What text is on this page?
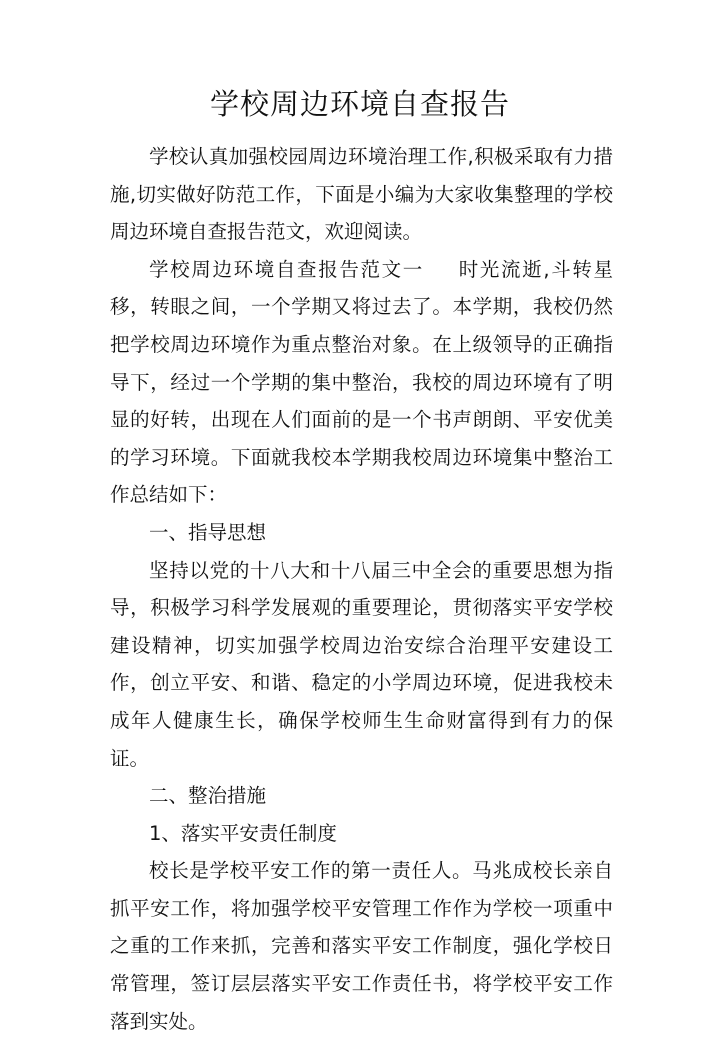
学校周边环境自查报告

学校认真加强校园周边环境治理工作,积极采取有力措施,切实做好防范工作，下面是小编为大家收集整理的学校周边环境自查报告范文，欢迎阅读。

学校周边环境自查报告范文一 时光流逝,斗转星移，转眼之间，一个学期又将过去了。本学期，我校仍然把学校周边环境作为重点整治对象。在上级领导的正确指导下，经过一个学期的集中整治，我校的周边环境有了明显的好转，出现在人们面前的是一个书声朗朗、平安优美的学习环境。下面就我校本学期我校周边环境集中整治工作总结如下：

一、指导思想

坚持以党的十八大和十八届三中全会的重要思想为指导，积极学习科学发展观的重要理论，贯彻落实平安学校建设精神，切实加强学校周边治安综合治理平安建设工作，创立平安、和谐、稳定的小学周边环境，促进我校未成年人健康生长，确保学校师生生命财富得到有力的保证。

二、整治措施

1、落实平安责任制度

校长是学校平安工作的第一责任人。马兆成校长亲自抓平安工作，将加强学校平安管理工作作为学校一项重中之重的工作来抓，完善和落实平安工作制度，强化学校日常管理，签订层层落实平安工作责任书，将学校平安工作落到实处。
